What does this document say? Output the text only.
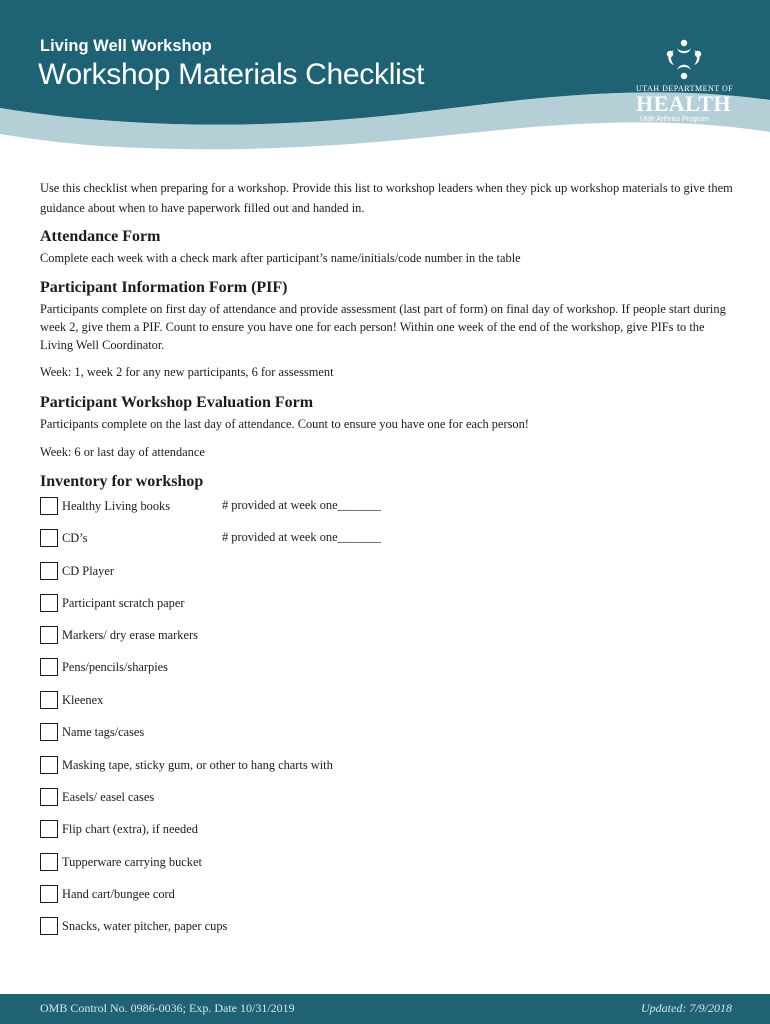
Living Well Workshop
Workshop Materials Checklist	UTAH DEPARTMENT OF
HEALTH
Utah Arthritis Program

Use this checklist when preparing for a workshop. Provide this list to workshop leaders when they pick up workshop materials to give them guidance about when to have paperwork filled out and handed in.

Attendance Form

Complete each week with a check mark after participant’s name/initials/code number in the table

Participant Information Form (PIF)

Participants complete on first day of attendance and provide assessment (last part of form) on final day of workshop. If people start during week 2, give them a PIF. Count to ensure you have one for each person! Within one week of the end of the workshop, give PIFs to the Living Well Coordinator.

Week: 1, week 2 for any new participants, 6 for assessment

Participant Workshop Evaluation Form

Participants complete on the last day of attendance. Count to ensure you have one for each person!

Week: 6 or last day of attendance

Inventory for workshop
Healthy Living books	# provided at week one_______
CD’s	# provided at week one_______
CD Player
Participant scratch paper
Markers/ dry erase markers
Pens/pencils/sharpies
Kleenex
Name tags/cases
Masking tape, sticky gum, or other to hang charts with
Easels/ easel cases
Flip chart (extra), if needed
Tupperware carrying bucket
Hand cart/bungee cord
Snacks, water pitcher, paper cups
OMB Control No. 0986-0036; Exp. Date 10/31/2019	Updated: 7/9/2018
